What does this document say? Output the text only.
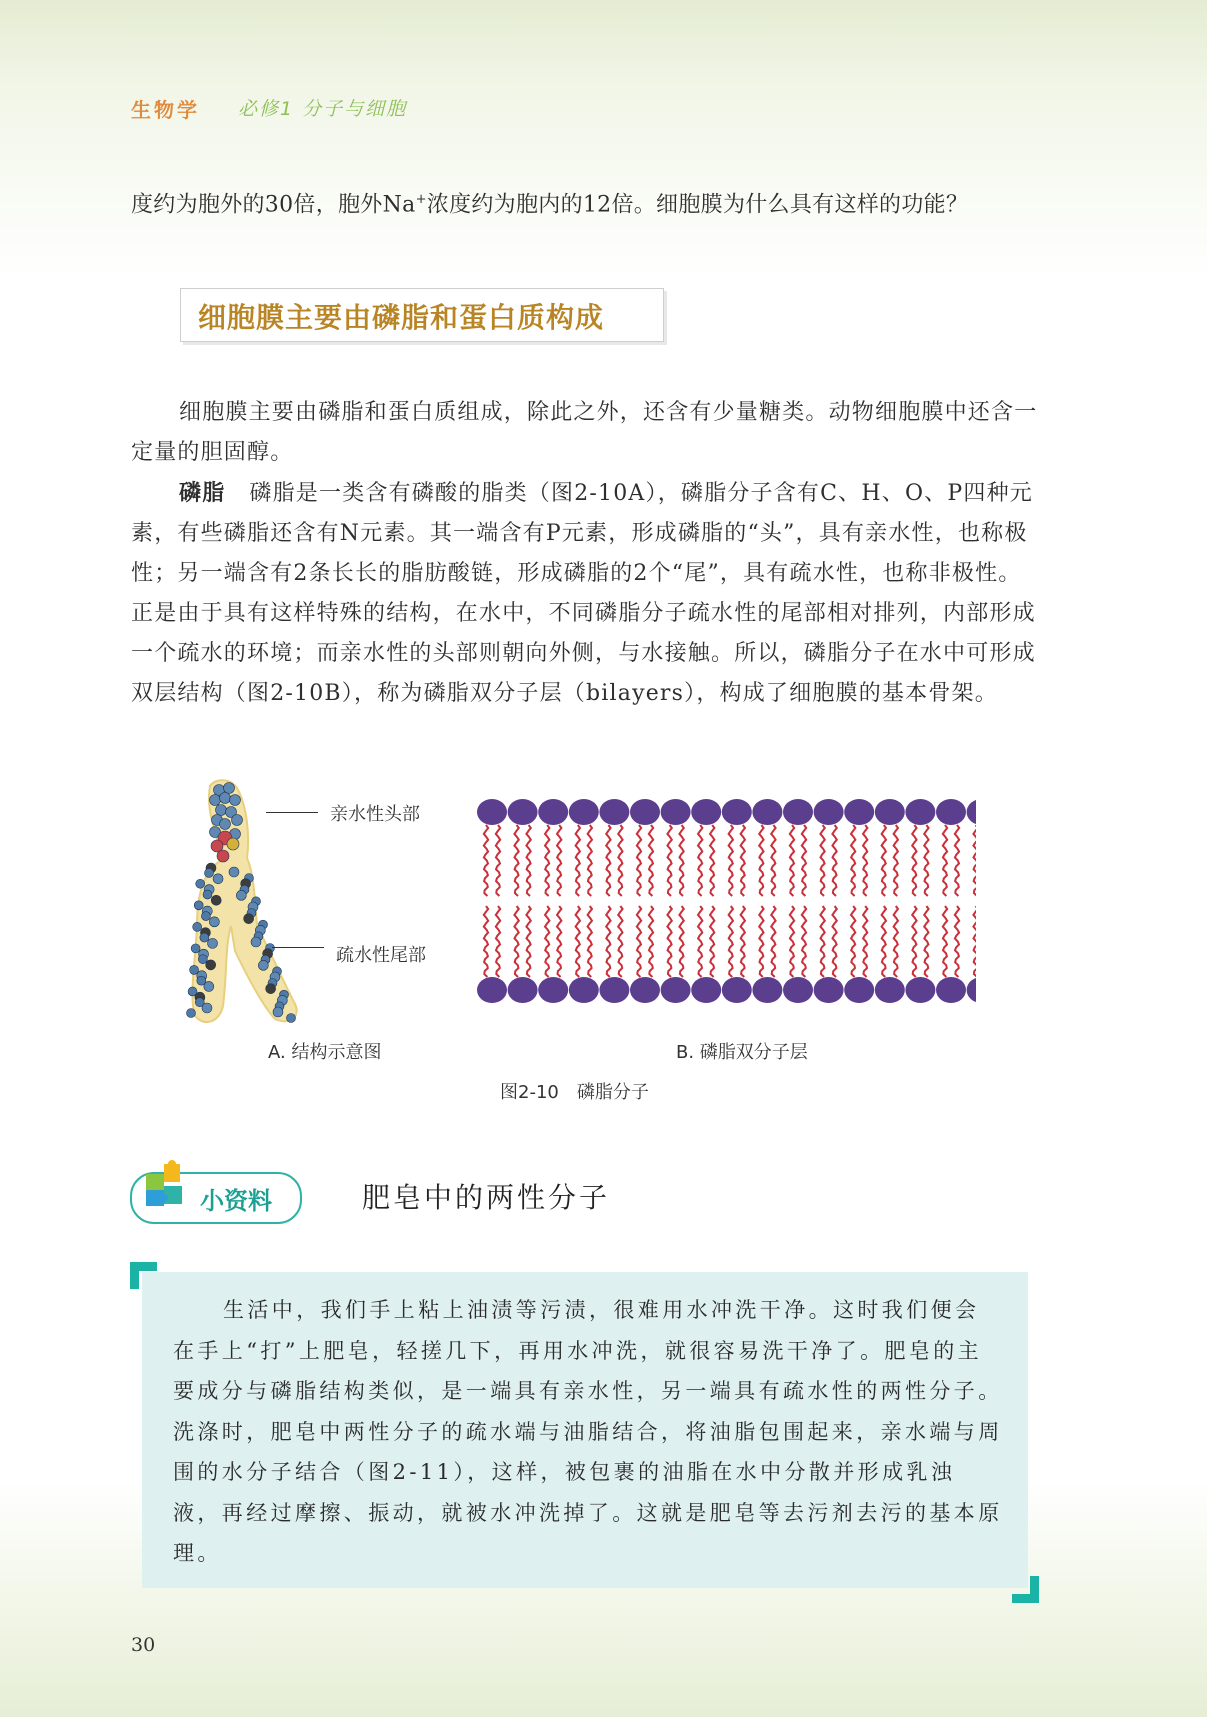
生物学 必修1 分子与细胞
度约为胞外的30倍，胞外Na+浓度约为胞内的12倍。细胞膜为什么具有这样的功能？
细胞膜主要由磷脂和蛋白质构成
细胞膜主要由磷脂和蛋白质组成，除此之外，还含有少量糖类。动物细胞膜中还含一定量的胆固醇。
磷脂 磷脂是一类含有磷酸的脂类（图2-10A），磷脂分子含有C、H、O、P四种元素，有些磷脂还含有N元素。其一端含有P元素，形成磷脂的“头”，具有亲水性，也称极性；另一端含有2条长长的脂肪酸链，形成磷脂的2个“尾”，具有疏水性，也称非极性。正是由于具有这样特殊的结构，在水中，不同磷脂分子疏水性的尾部相对排列，内部形成一个疏水的环境；而亲水性的头部则朝向外侧，与水接触。所以，磷脂分子在水中可形成双层结构（图2-10B），称为磷脂双分子层（bilayers），构成了细胞膜的基本骨架。
亲水性头部
疏水性尾部
A. 结构示意图	B. 磷脂双分子层
图2-10　磷脂分子
小资料	肥皂中的两性分子
生活中，我们手上粘上油渍等污渍，很难用水冲洗干净。这时我们便会在手上“打”上肥皂，轻搓几下，再用水冲洗，就很容易洗干净了。肥皂的主要成分与磷脂结构类似，是一端具有亲水性，另一端具有疏水性的两性分子。洗涤时，肥皂中两性分子的疏水端与油脂结合，将油脂包围起来，亲水端与周围的水分子结合（图2-11），这样，被包裹的油脂在水中分散并形成乳浊液，再经过摩擦、振动，就被水冲洗掉了。这就是肥皂等去污剂去污的基本原理。
30
